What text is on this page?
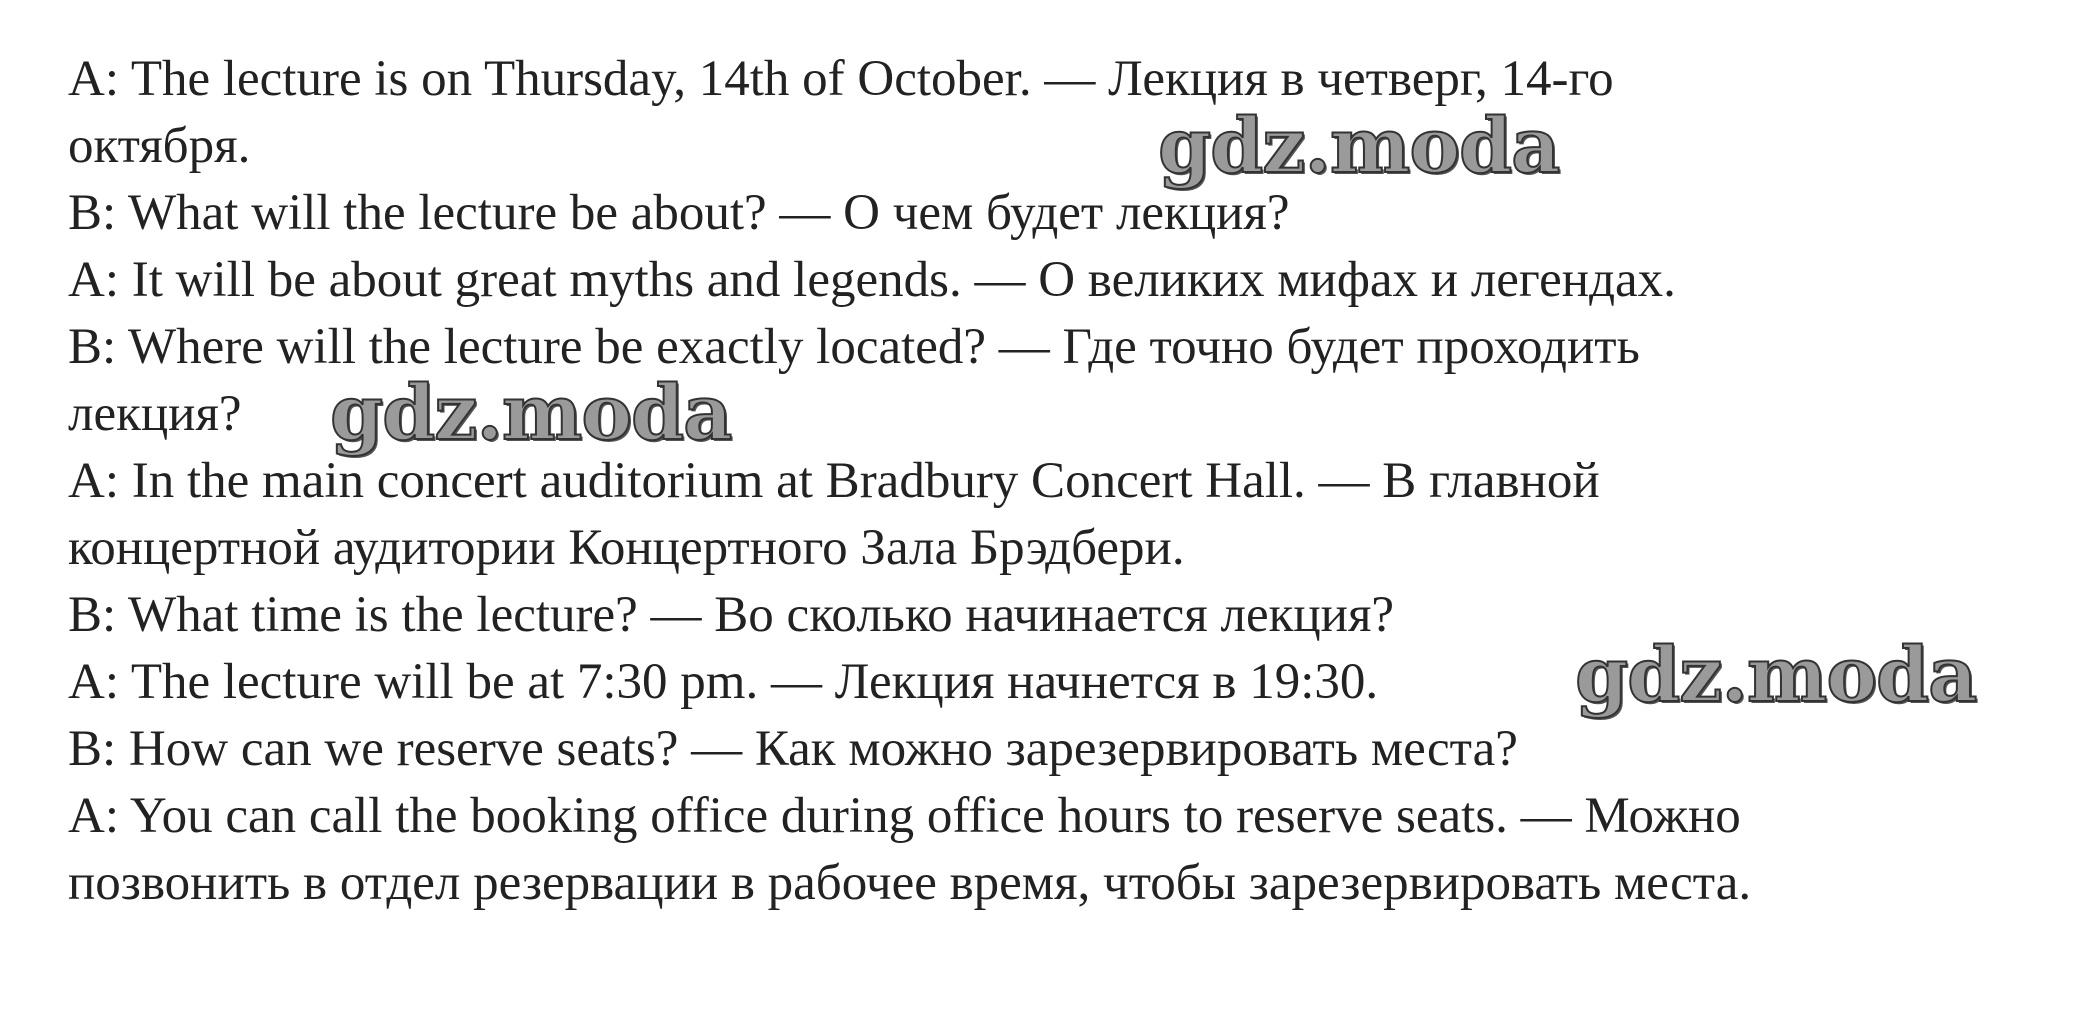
A: The lecture is on Thursday, 14th of October. — Лекция в четверг, 14-го

октября.

B: What will the lecture be about? — О чем будет лекция?

A: It will be about great myths and legends. — О великих мифах и легендах.

B: Where will the lecture be exactly located? — Где точно будет проходить

лекция?

A: In the main concert auditorium at Bradbury Concert Hall. — В главной

концертной аудитории Концертного Зала Брэдбери.

B: What time is the lecture? — Во сколько начинается лекция?

A: The lecture will be at 7:30 pm. — Лекция начнется в 19:30.

B: How can we reserve seats? — Как можно зарезервировать места?

A: You can call the booking office during office hours to reserve seats. — Можно

позвонить в отдел резервации в рабочее время, чтобы зарезервировать места.

gdz.moda
gdz.moda
gdz.moda
